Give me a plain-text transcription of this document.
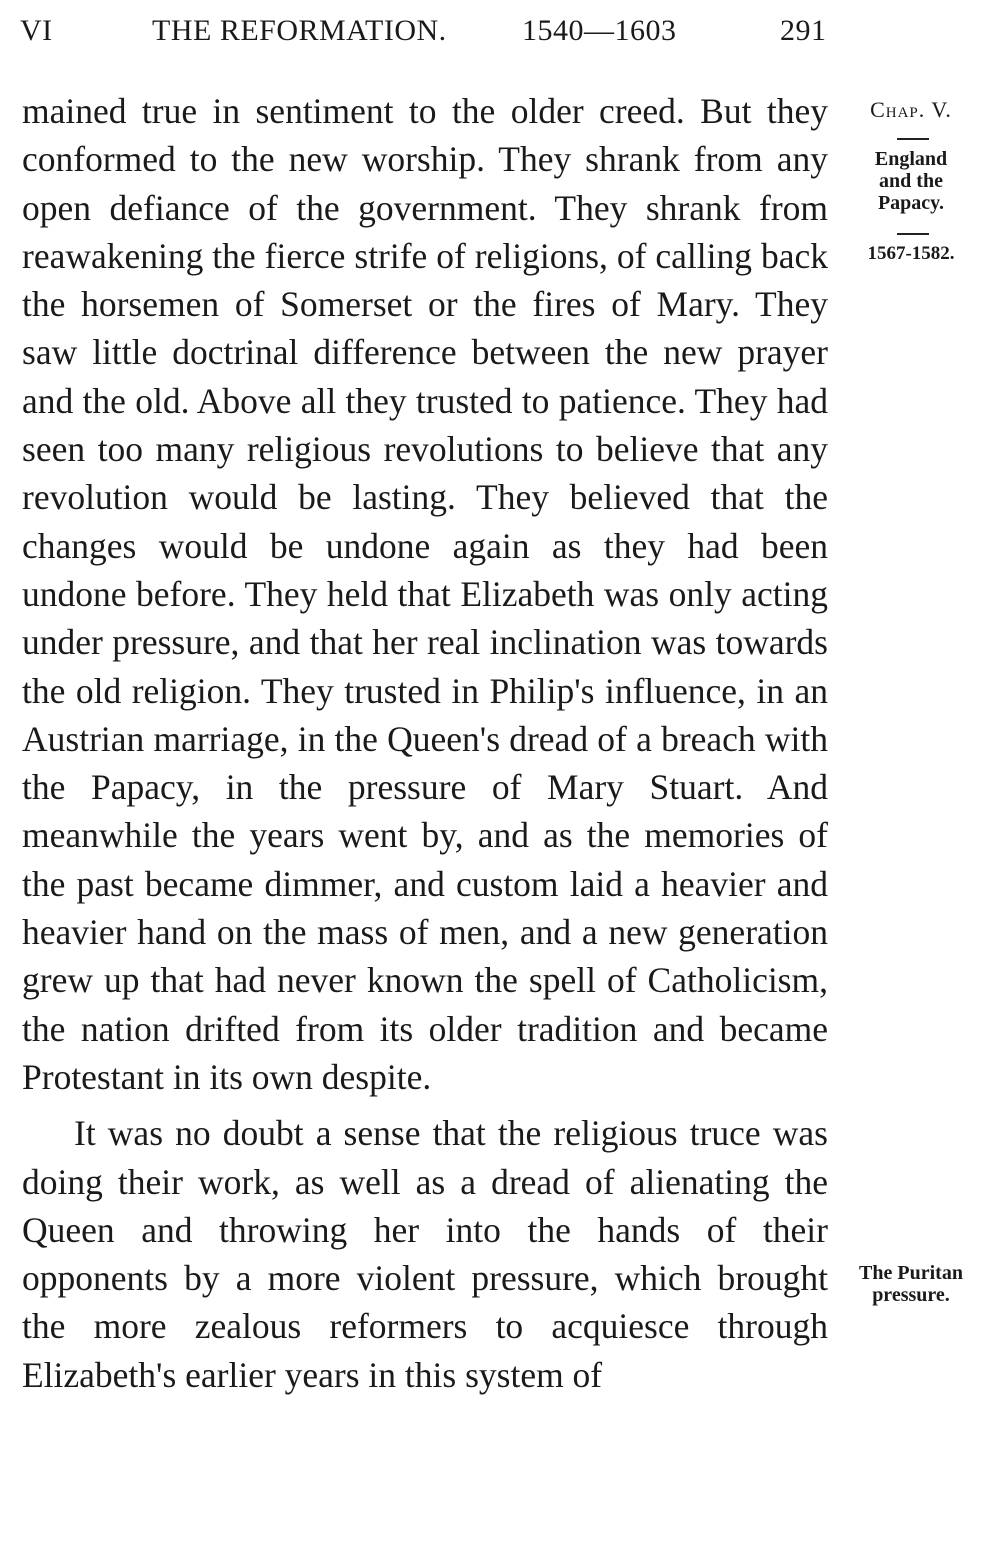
VI	THE REFORMATION.	1540—1603	291

mained true in sentiment to the older creed. But they conformed to the new worship. They shrank from any open defiance of the government. They shrank from reawakening the fierce strife of religions, of calling back the horsemen of Somerset or the fires of Mary. They saw little doctrinal difference between the new prayer and the old. Above all they trusted to patience. They had seen too many religious revolutions to believe that any revolution would be lasting. They believed that the changes would be undone again as they had been undone before. They held that Elizabeth was only acting under pressure, and that her real inclination was towards the old religion. They trusted in Philip's influence, in an Austrian marriage, in the Queen's dread of a breach with the Papacy, in the pressure of Mary Stuart. And meanwhile the years went by, and as the memories of the past became dimmer, and custom laid a heavier and heavier hand on the mass of men, and a new generation grew up that had never known the spell of Catholicism, the nation drifted from its older tradition and became Protestant in its own despite.

It was no doubt a sense that the religious truce was doing their work, as well as a dread of alienating the Queen and throwing her into the hands of their opponents by a more violent pressure, which brought the more zealous reformers to acquiesce through Elizabeth's earlier years in this system of

Chap. V.
England
and the
Papacy.
1567-1582.
The Puritan
pressure.
